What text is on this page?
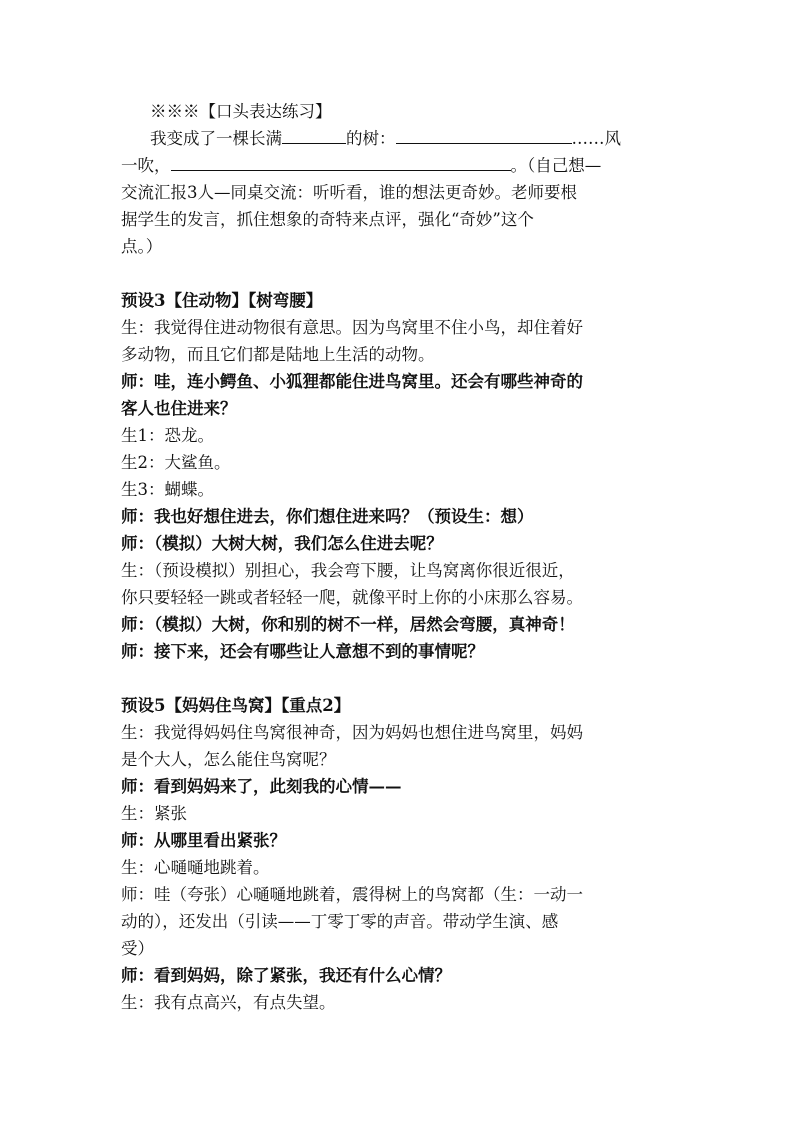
※※※【口头表达练习】
我变成了一棵长满	的树：	……风
一吹，	。（自己想—
交流汇报3人—同桌交流：听听看，谁的想法更奇妙。老师要根
据学生的发言，抓住想象的奇特来点评，强化“奇妙”这个
点。）
预设3【住动物】【树弯腰】
生：我觉得住进动物很有意思。因为鸟窝里不住小鸟，却住着好
多动物，而且它们都是陆地上生活的动物。
师：哇，连小鳄鱼、小狐狸都能住进鸟窝里。还会有哪些神奇的
客人也住进来？
生1：恐龙。
生2：大鲨鱼。
生3：蝴蝶。
师：我也好想住进去，你们想住进来吗？（预设生：想）
师：（模拟）大树大树，我们怎么住进去呢？
生：（预设模拟）别担心，我会弯下腰，让鸟窝离你很近很近，
你只要轻轻一跳或者轻轻一爬，就像平时上你的小床那么容易。
师：（模拟）大树，你和别的树不一样，居然会弯腰，真神奇！
师：接下来，还会有哪些让人意想不到的事情呢？
预设5【妈妈住鸟窝】【重点2】
生：我觉得妈妈住鸟窝很神奇，因为妈妈也想住进鸟窝里，妈妈
是个大人，怎么能住鸟窝呢？
师：看到妈妈来了，此刻我的心情——
生：紧张
师：从哪里看出紧张？
生：心嗵嗵地跳着。
师：哇（夸张）心嗵嗵地跳着，震得树上的鸟窝都（生：一动一
动的），还发出（引读——丁零丁零的声音。带动学生演、感
受）
师：看到妈妈，除了紧张，我还有什么心情？
生：我有点高兴，有点失望。
